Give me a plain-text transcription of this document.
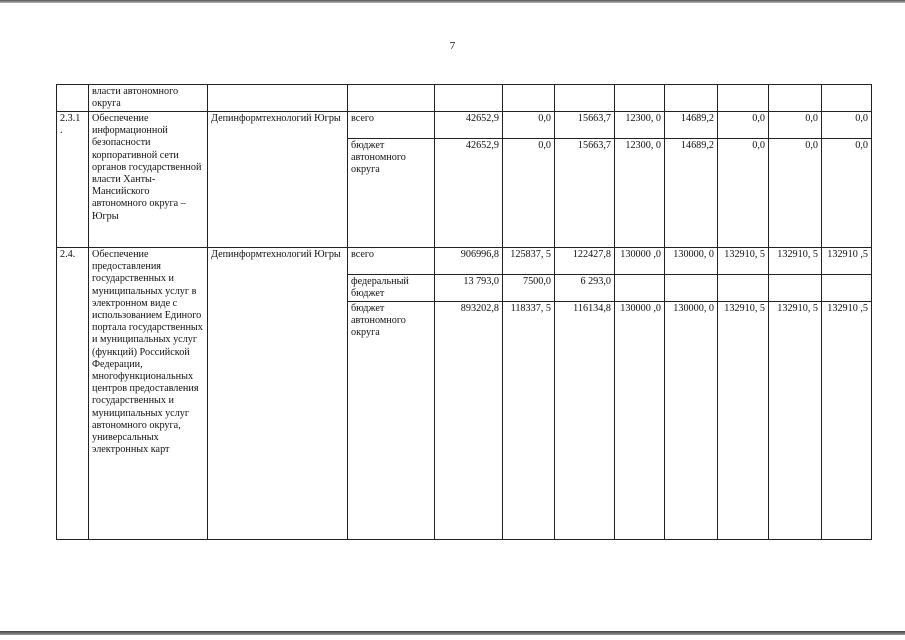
7
	власти автономного округа										
2.3.1 .	Обеспечение информационной безопасности корпоративной сети органов государственной власти Ханты-Мансийского автономного округа – Югры	Депинформтехнологий Югры	всего	42652,9	0,0	15663,7	12300, 0	14689,2	0,0	0,0	0,0
			бюджет автономного округа	42652,9	0,0	15663,7	12300, 0	14689,2	0,0	0,0	0,0
2.4.	Обеспечение предоставления государственных и муниципальных услуг в электронном виде с использованием Единого портала государственных и муниципальных услуг (функций) Российской Федерации, многофункциональных центров предоставления государственных и муниципальных услуг автономного округа, универсальных электронных карт	Депинформтехнологий Югры	всего	906996,8	125837, 5	122427,8	130000 ,0	130000, 0	132910, 5	132910, 5	132910 ,5
			федеральный бюджет	13 793,0	7500,0	6 293,0					
			бюджет автономного округа	893202,8	118337, 5	116134,8	130000 ,0	130000, 0	132910, 5	132910, 5	132910 ,5
